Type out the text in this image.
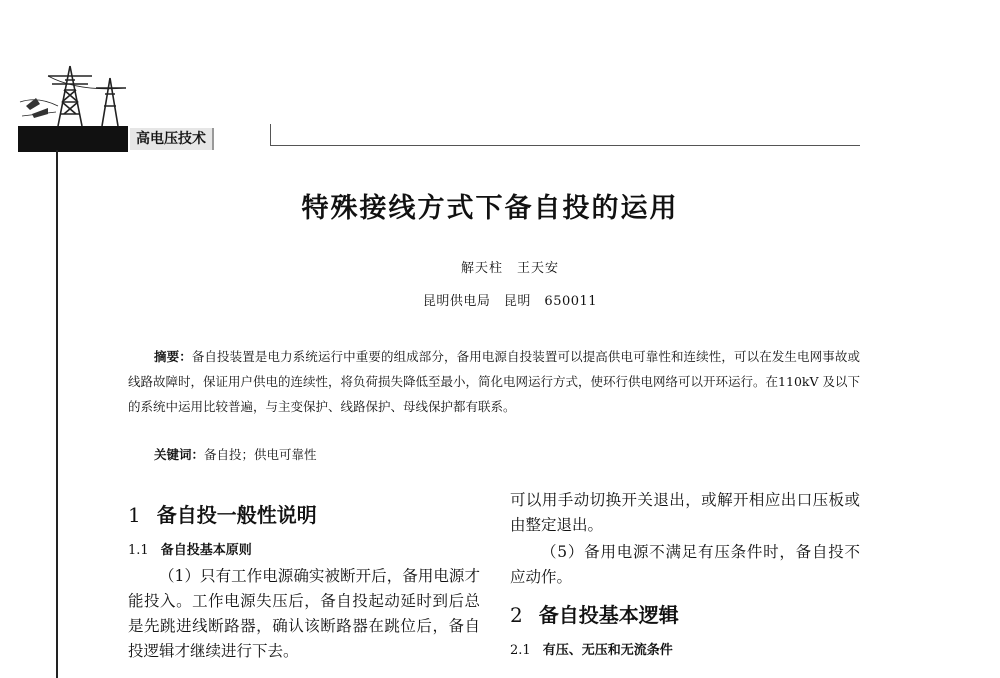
高电压技术
特殊接线方式下备自投的运用
解天柱　王天安
昆明供电局　昆明　650011

摘要：备自投装置是电力系统运行中重要的组成部分，备用电源自投装置可以提高供电可靠性和连续性，可以在发生电网事故或线路故障时，保证用户供电的连续性，将负荷损失降低至最小，简化电网运行方式，使环行供电网络可以开环运行。在110kV 及以下的系统中运用比较普遍，与主变保护、线路保护、母线保护都有联系。

关键词：备自投；供电可靠性
1 备自投一般性说明
1.1 备自投基本原则

（1）只有工作电源确实被断开后，备用电源才能投入。工作电源失压后，备自投起动延时到后总是先跳进线断路器，确认该断路器在跳位后，备自投逻辑才继续进行下去。

可以用手动切换开关退出，或解开相应出口压板或由整定退出。

（5）备用电源不满足有压条件时，备自投不应动作。

2 备自投基本逻辑
2.1 有压、无压和无流条件
